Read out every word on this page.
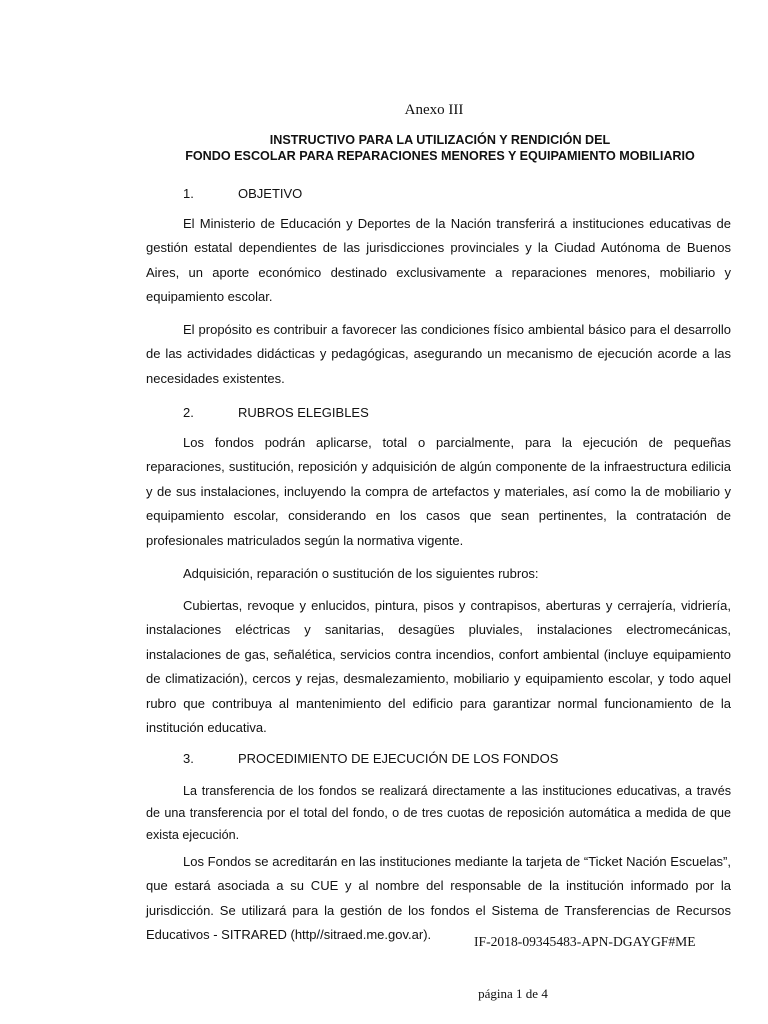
Anexo III
INSTRUCTIVO PARA LA UTILIZACIÓN Y RENDICIÓN DEL
FONDO ESCOLAR PARA REPARACIONES MENORES Y EQUIPAMIENTO MOBILIARIO
1.	OBJETIVO
El Ministerio de Educación y Deportes de la Nación transferirá a instituciones educativas de gestión estatal dependientes de las jurisdicciones provinciales y la Ciudad Autónoma de Buenos Aires, un aporte económico destinado exclusivamente a reparaciones menores, mobiliario y equipamiento escolar.
El propósito es contribuir a favorecer las condiciones físico ambiental básico para el desarrollo de las actividades didácticas y pedagógicas, asegurando un mecanismo de ejecución acorde a las necesidades existentes.
2.	RUBROS ELEGIBLES
Los fondos podrán aplicarse, total o parcialmente, para la ejecución de pequeñas reparaciones, sustitución, reposición y adquisición de algún componente de la infraestructura edilicia y de sus instalaciones, incluyendo la compra de artefactos y materiales, así como la de mobiliario y equipamiento escolar, considerando en los casos que sean pertinentes, la contratación de profesionales matriculados según la normativa vigente.
Adquisición, reparación o sustitución de los siguientes rubros:
Cubiertas, revoque y enlucidos, pintura, pisos y contrapisos, aberturas y cerrajería, vidriería, instalaciones eléctricas y sanitarias, desagües pluviales, instalaciones electromecánicas, instalaciones de gas, señalética, servicios contra incendios, confort ambiental (incluye equipamiento de climatización), cercos y rejas, desmalezamiento, mobiliario y equipamiento escolar, y todo aquel rubro que contribuya al mantenimiento del edificio para garantizar normal funcionamiento de la institución educativa.
3.	PROCEDIMIENTO DE EJECUCIÓN DE LOS FONDOS
La transferencia de los fondos se realizará directamente a las instituciones educativas, a través de una transferencia por el total del fondo, o de tres cuotas de reposición automática a medida de que exista ejecución.
Los Fondos se acreditarán en las instituciones mediante la tarjeta de “Ticket Nación Escuelas”, que estará asociada a su CUE y al nombre del responsable de la institución informado por la jurisdicción. Se utilizará para la gestión de los fondos el Sistema de Transferencias de Recursos Educativos - SITRARED (http//sitraed.me.gov.ar).	IF-2018-09345483-APN-DGAYGF#ME
página 1 de 4
